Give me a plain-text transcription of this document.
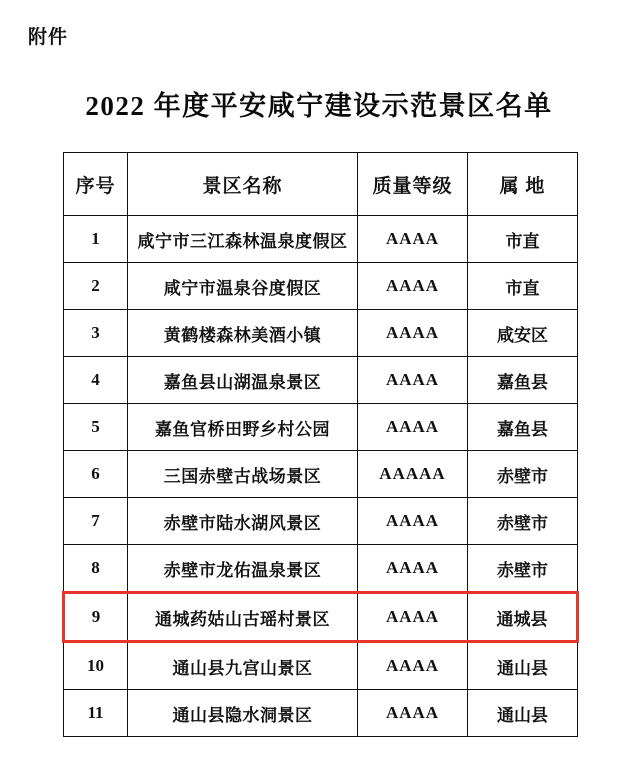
附件
2022 年度平安咸宁建设示范景区名单
序号	景区名称	质量等级	属 地
1	咸宁市三江森林温泉度假区	AAAA	市直
2	咸宁市温泉谷度假区	AAAA	市直
3	黄鹤楼森林美酒小镇	AAAA	咸安区
4	嘉鱼县山湖温泉景区	AAAA	嘉鱼县
5	嘉鱼官桥田野乡村公园	AAAA	嘉鱼县
6	三国赤壁古战场景区	AAAAA	赤壁市
7	赤壁市陆水湖风景区	AAAA	赤壁市
8	赤壁市龙佑温泉景区	AAAA	赤壁市
9	通城药姑山古瑶村景区	AAAA	通城县
10	通山县九宫山景区	AAAA	通山县
11	通山县隐水洞景区	AAAA	通山县
